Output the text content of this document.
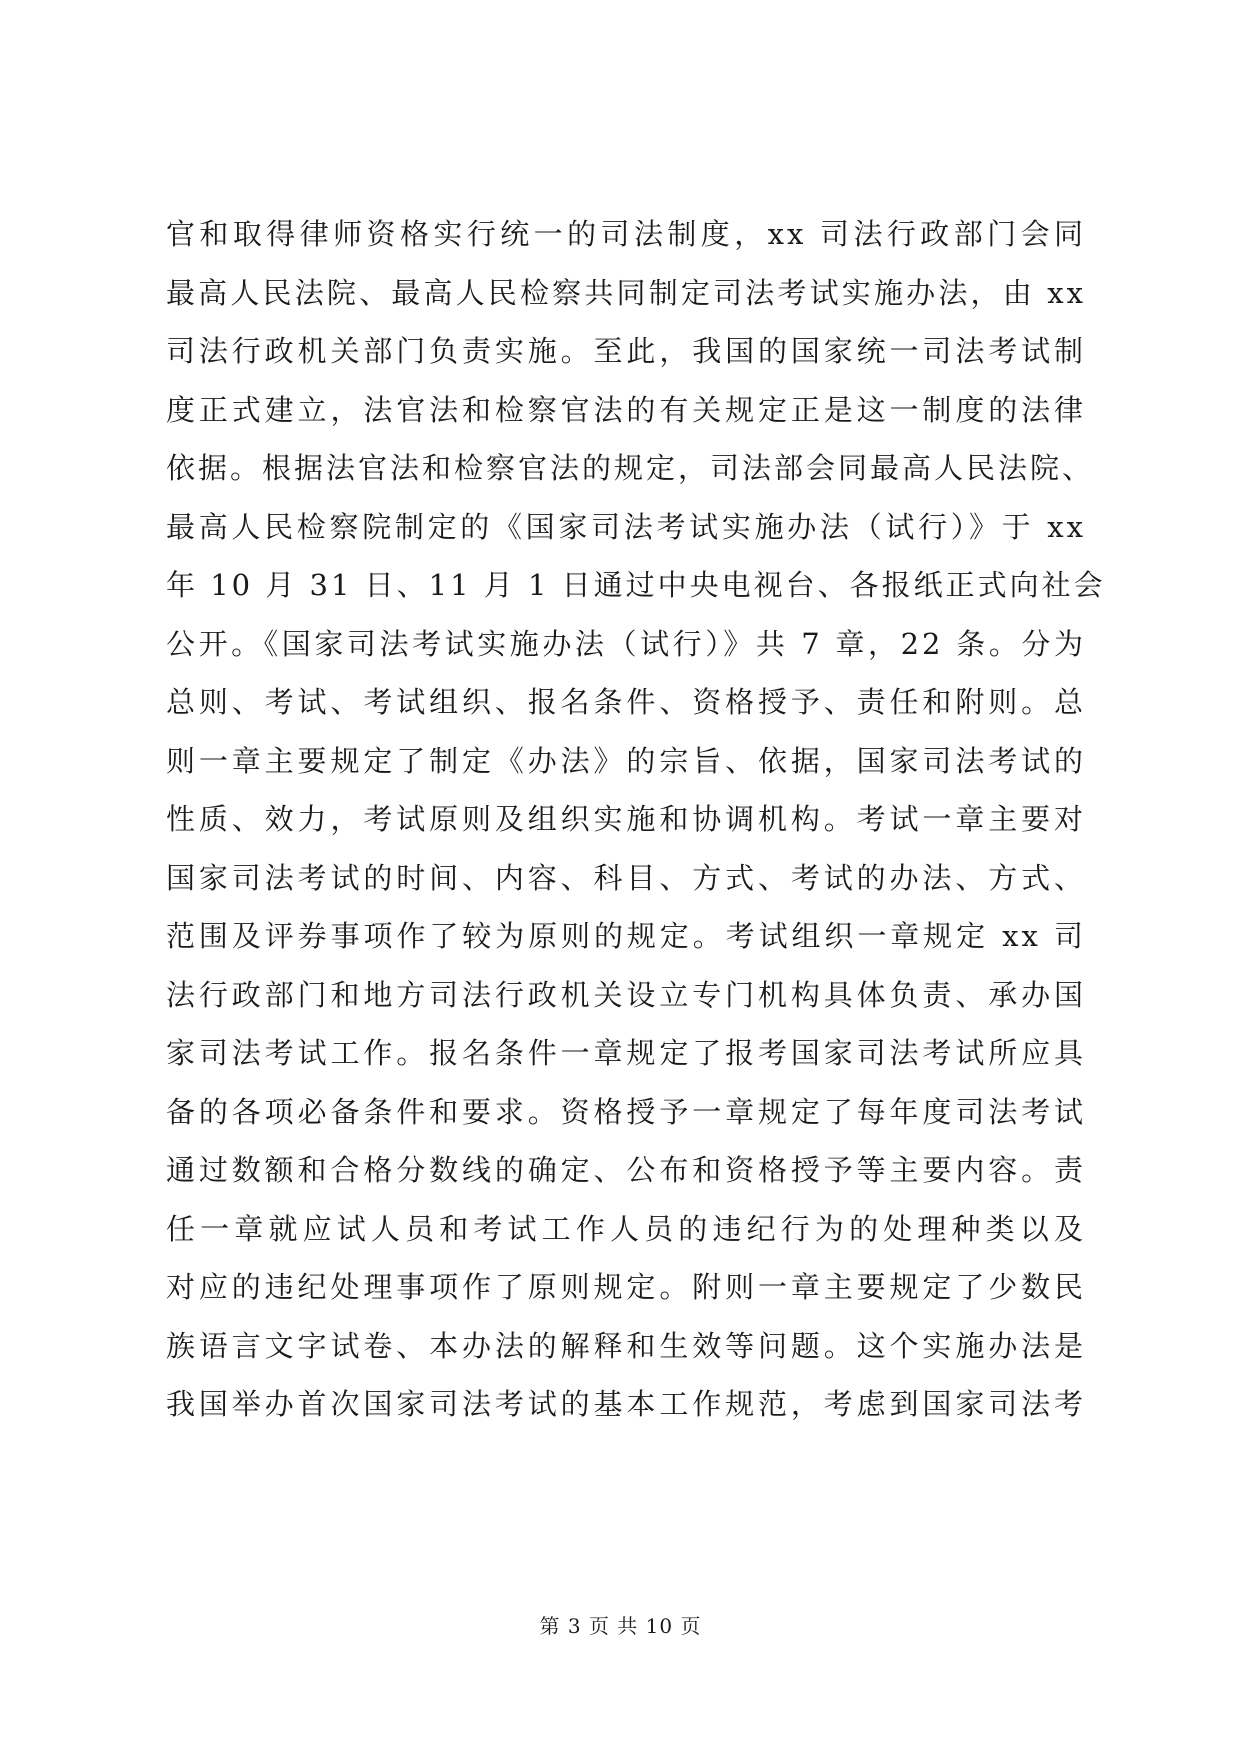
官和取得律师资格实行统一的司法制度，xx 司法行政部门会同
最高人民法院、最高人民检察共同制定司法考试实施办法，由 xx
司法行政机关部门负责实施。至此，我国的国家统一司法考试制
度正式建立，法官法和检察官法的有关规定正是这一制度的法律
依据。根据法官法和检察官法的规定，司法部会同最高人民法院、
最高人民检察院制定的《国家司法考试实施办法（试行）》于 xx
年 10 月 31 日、11 月 1 日通过中央电视台、各报纸正式向社会
公开。《国家司法考试实施办法（试行）》共 7 章，22 条。分为
总则、考试、考试组织、报名条件、资格授予、责任和附则。总
则一章主要规定了制定《办法》的宗旨、依据，国家司法考试的
性质、效力，考试原则及组织实施和协调机构。考试一章主要对
国家司法考试的时间、内容、科目、方式、考试的办法、方式、
范围及评券事项作了较为原则的规定。考试组织一章规定 xx 司
法行政部门和地方司法行政机关设立专门机构具体负责、承办国
家司法考试工作。报名条件一章规定了报考国家司法考试所应具
备的各项必备条件和要求。资格授予一章规定了每年度司法考试
通过数额和合格分数线的确定、公布和资格授予等主要内容。责
任一章就应试人员和考试工作人员的违纪行为的处理种类以及
对应的违纪处理事项作了原则规定。附则一章主要规定了少数民
族语言文字试卷、本办法的解释和生效等问题。这个实施办法是
我国举办首次国家司法考试的基本工作规范，考虑到国家司法考
第 3 页 共 10 页
